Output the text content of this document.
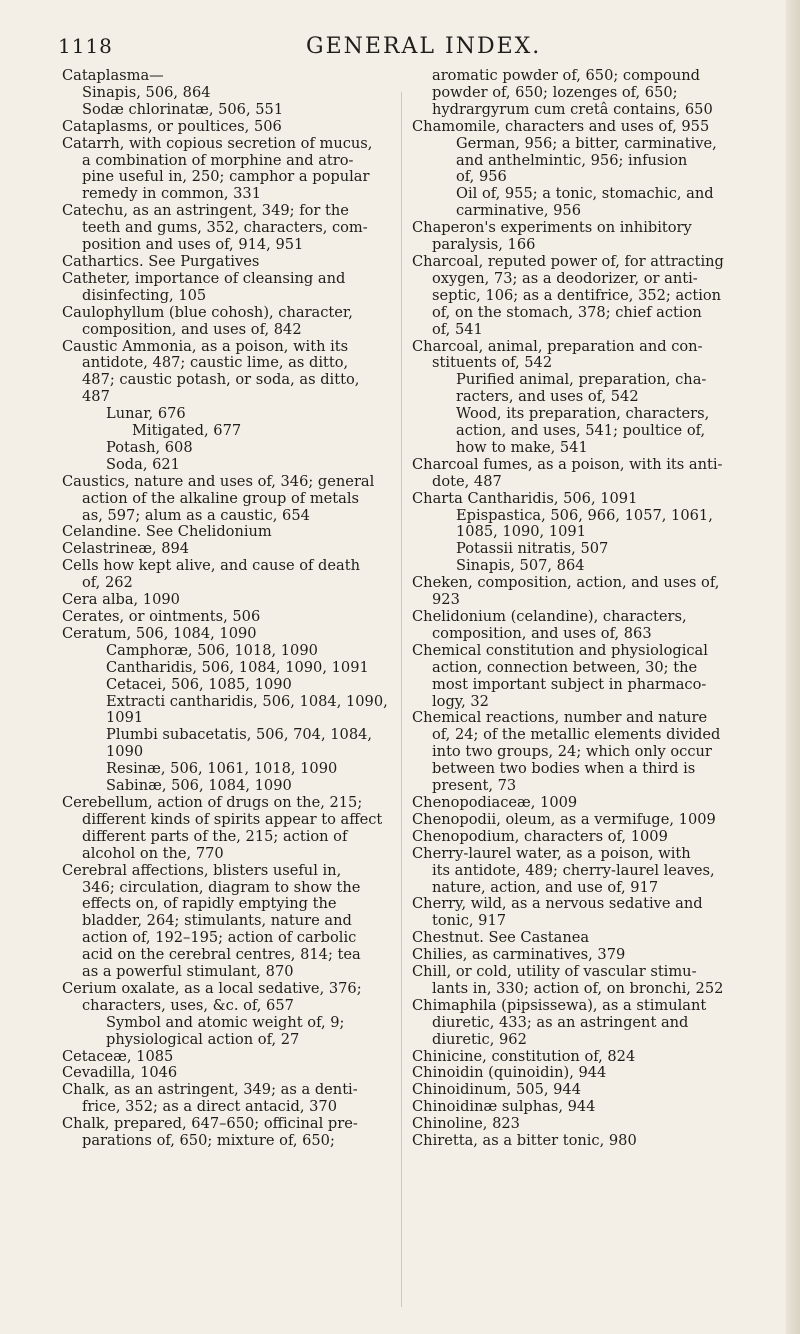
1118	GENERAL INDEX.
Cataplasma—
Sinapis, 506, 864
Sodæ chlorinatæ, 506, 551
Cataplasms, or poultices, 506
Catarrh, with copious secretion of mucus,
a combination of morphine and atro-
pine useful in, 250; camphor a popular
remedy in common, 331
Catechu, as an astringent, 349; for the
teeth and gums, 352, characters, com-
position and uses of, 914, 951
Cathartics. See Purgatives
Catheter, importance of cleansing and
disinfecting, 105
Caulophyllum (blue cohosh), character,
composition, and uses of, 842
Caustic Ammonia, as a poison, with its
antidote, 487; caustic lime, as ditto,
487; caustic potash, or soda, as ditto,
487
Lunar, 676
Mitigated, 677
Potash, 608
Soda, 621
Caustics, nature and uses of, 346; general
action of the alkaline group of metals
as, 597; alum as a caustic, 654
Celandine. See Chelidonium
Celastrineæ, 894
Cells how kept alive, and cause of death
of, 262
Cera alba, 1090
Cerates, or ointments, 506
Ceratum, 506, 1084, 1090
Camphoræ, 506, 1018, 1090
Cantharidis, 506, 1084, 1090, 1091
Cetacei, 506, 1085, 1090
Extracti cantharidis, 506, 1084, 1090,
1091
Plumbi subacetatis, 506, 704, 1084,
1090
Resinæ, 506, 1061, 1018, 1090
Sabinæ, 506, 1084, 1090
Cerebellum, action of drugs on the, 215;
different kinds of spirits appear to affect
different parts of the, 215; action of
alcohol on the, 770
Cerebral affections, blisters useful in,
346; circulation, diagram to show the
effects on, of rapidly emptying the
bladder, 264; stimulants, nature and
action of, 192–195; action of carbolic
acid on the cerebral centres, 814; tea
as a powerful stimulant, 870
Cerium oxalate, as a local sedative, 376;
characters, uses, &c. of, 657
Symbol and atomic weight of, 9;
physiological action of, 27
Cetaceæ, 1085
Cevadilla, 1046
Chalk, as an astringent, 349; as a denti-
frice, 352; as a direct antacid, 370
Chalk, prepared, 647–650; officinal pre-
parations of, 650; mixture of, 650;
aromatic powder of, 650; compound
powder of, 650; lozenges of, 650;
hydrargyrum cum cretâ contains, 650
Chamomile, characters and uses of, 955
German, 956; a bitter, carminative,
and anthelmintic, 956; infusion
of, 956
Oil of, 955; a tonic, stomachic, and
carminative, 956
Chaperon's experiments on inhibitory
paralysis, 166
Charcoal, reputed power of, for attracting
oxygen, 73; as a deodorizer, or anti-
septic, 106; as a dentifrice, 352; action
of, on the stomach, 378; chief action
of, 541
Charcoal, animal, preparation and con-
stituents of, 542
Purified animal, preparation, cha-
racters, and uses of, 542
Wood, its preparation, characters,
action, and uses, 541; poultice of,
how to make, 541
Charcoal fumes, as a poison, with its anti-
dote, 487
Charta Cantharidis, 506, 1091
Epispastica, 506, 966, 1057, 1061,
1085, 1090, 1091
Potassii nitratis, 507
Sinapis, 507, 864
Cheken, composition, action, and uses of,
923
Chelidonium (celandine), characters,
composition, and uses of, 863
Chemical constitution and physiological
action, connection between, 30; the
most important subject in pharmaco-
logy, 32
Chemical reactions, number and nature
of, 24; of the metallic elements divided
into two groups, 24; which only occur
between two bodies when a third is
present, 73
Chenopodiaceæ, 1009
Chenopodii, oleum, as a vermifuge, 1009
Chenopodium, characters of, 1009
Cherry-laurel water, as a poison, with
its antidote, 489; cherry-laurel leaves,
nature, action, and use of, 917
Cherry, wild, as a nervous sedative and
tonic, 917
Chestnut. See Castanea
Chilies, as carminatives, 379
Chill, or cold, utility of vascular stimu-
lants in, 330; action of, on bronchi, 252
Chimaphila (pipsissewa), as a stimulant
diuretic, 433; as an astringent and
diuretic, 962
Chinicine, constitution of, 824
Chinoidin (quinoidin), 944
Chinoidinum, 505, 944
Chinoidinæ sulphas, 944
Chinoline, 823
Chiretta, as a bitter tonic, 980
